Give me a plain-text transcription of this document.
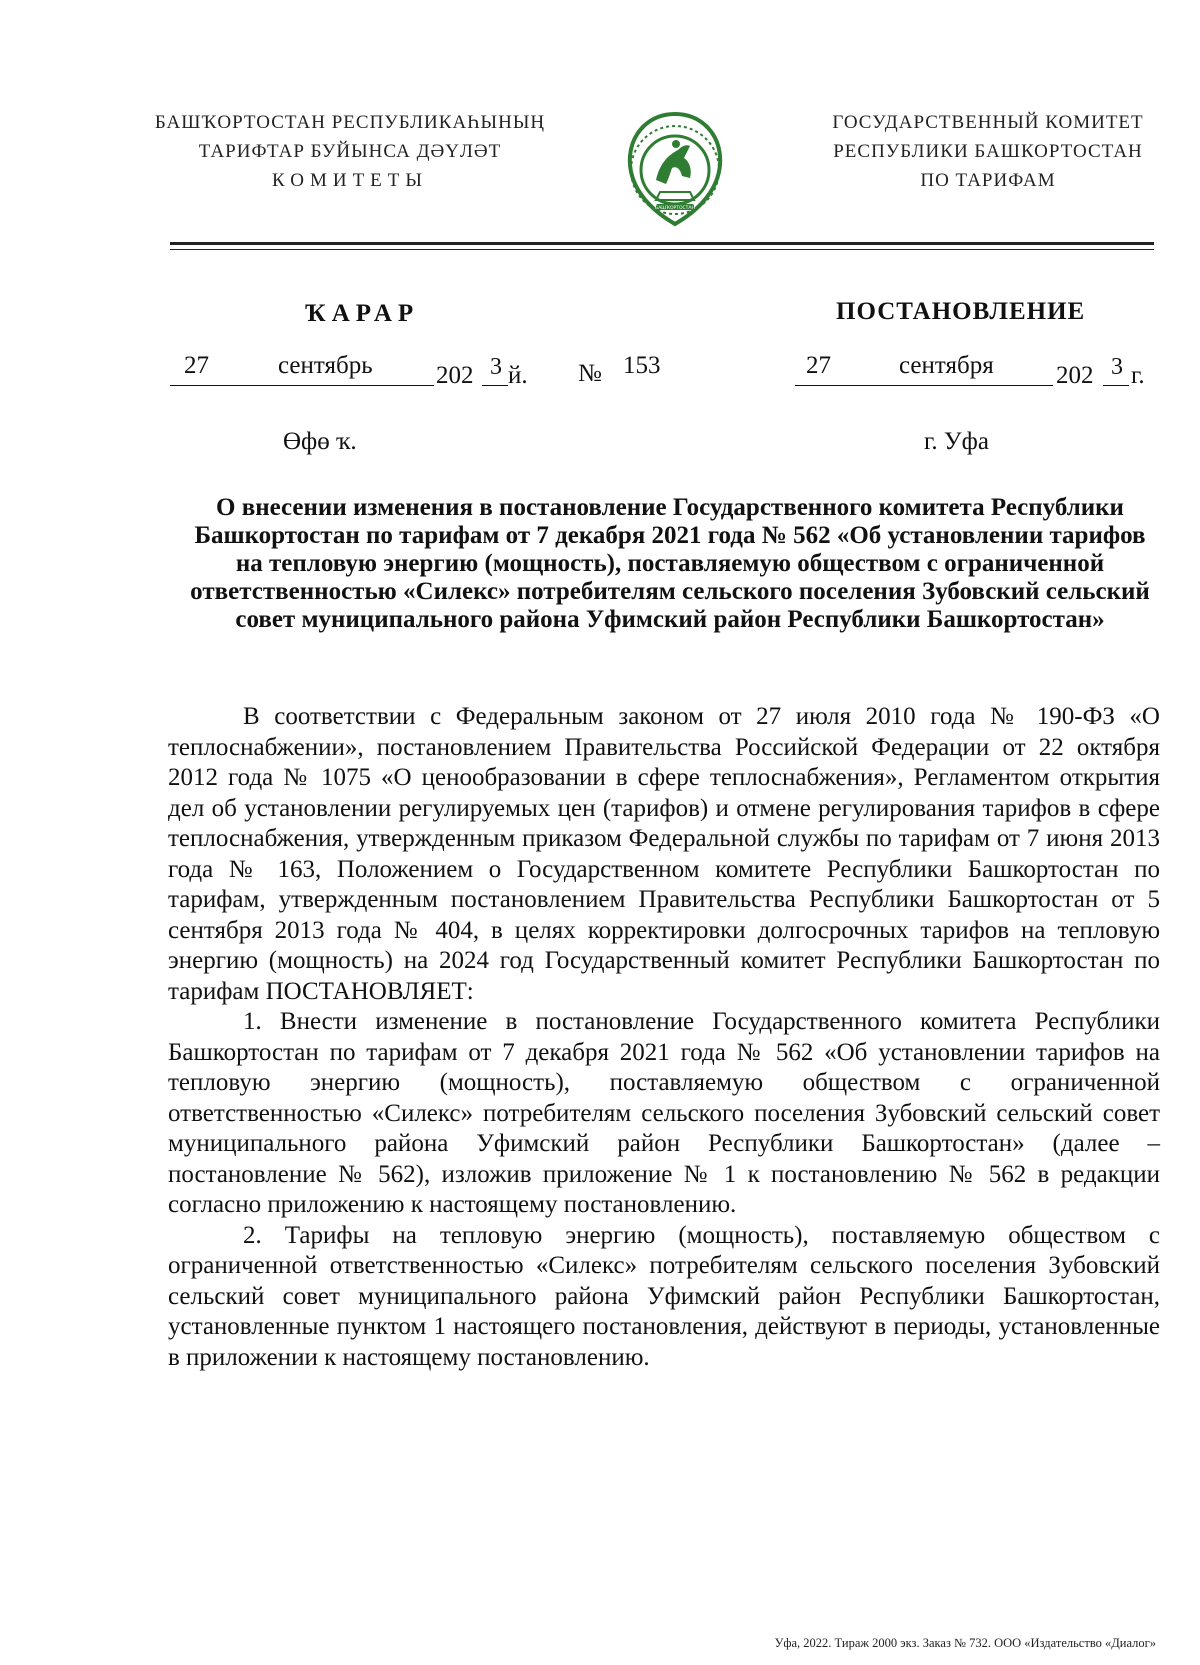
БАШҠОРТОСТАН РЕСПУБЛИКАҺЫНЫҢ
ТАРИФТАР БУЙЫНСА ДӘҮЛӘТ
КОМИТЕТЫ
БАШҠОРТОСТАН
ГОСУДАРСТВЕННЫЙ КОМИТЕТ
РЕСПУБЛИКИ БАШКОРТОСТАН
ПО ТАРИФАМ
ҠАРАР	ПОСТАНОВЛЕНИЕ
27	сентябрь	202 3 й. № 153	27	сентября 202 3 г.
Өфө ҡ.	г. Уфа
О внесении изменения в постановление Государственного комитета Республики Башкортостан по тарифам от 7 декабря 2021 года № 562 «Об установлении тарифов на тепловую энергию (мощность), поставляемую обществом с ограниченной ответственностью «Силекс» потребителям сельского поселения Зубовский сельский совет муниципального района Уфимский район Республики Башкортостан»

В соответствии с Федеральным законом от 27 июля 2010 года № 190-ФЗ «О теплоснабжении», постановлением Правительства Российской Федерации от 22 октября 2012 года № 1075 «О ценообразовании в сфере теплоснабжения», Регламентом открытия дел об установлении регулируемых цен (тарифов) и отмене регулирования тарифов в сфере теплоснабжения, утвержденным приказом Федеральной службы по тарифам от 7 июня 2013 года № 163, Положением о Государственном комитете Республики Башкортостан по тарифам, утвержденным постановлением Правительства Республики Башкортостан от 5 сентября 2013 года № 404, в целях корректировки долгосрочных тарифов на тепловую энергию (мощность) на 2024 год Государственный комитет Республики Башкортостан по тарифам ПОСТАНОВЛЯЕТ:

1. Внести изменение в постановление Государственного комитета Республики Башкортостан по тарифам от 7 декабря 2021 года № 562 «Об установлении тарифов на тепловую энергию (мощность), поставляемую обществом с ограниченной ответственностью «Силекс» потребителям сельского поселения Зубовский сельский совет муниципального района Уфимский район Республики Башкортостан» (далее – постановление № 562), изложив приложение № 1 к постановлению № 562 в редакции согласно приложению к настоящему постановлению.

2. Тарифы на тепловую энергию (мощность), поставляемую обществом с ограниченной ответственностью «Силекс» потребителям сельского поселения Зубовский сельский совет муниципального района Уфимский район Республики Башкортостан, установленные пунктом 1 настоящего постановления, действуют в периоды, установленные в приложении к настоящему постановлению.

Уфа, 2022. Тираж 2000 экз. Заказ № 732. ООО «Издательство «Диалог»
